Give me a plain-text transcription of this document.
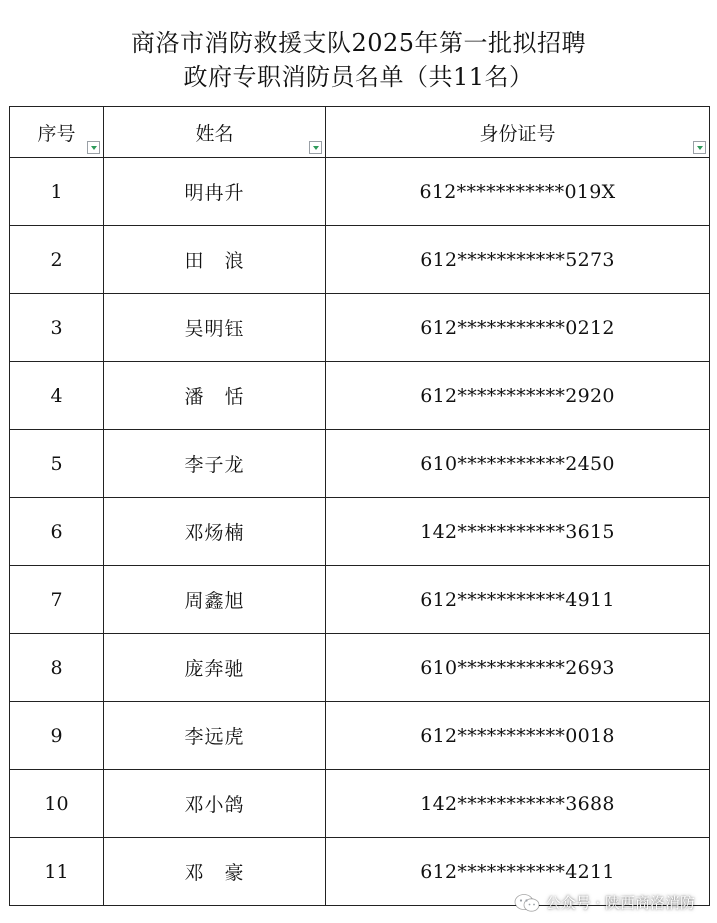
商洛市消防救援支队2025年第一批拟招聘
政府专职消防员名单（共11名）
序号	姓名	身份证号

1	明冉升	612***********019X
2	田　浪	612***********5273
3	吴明钰	612***********0212
4	潘　恬	612***********2920
5	李子龙	610***********2450
6	邓炀楠	142***********3615
7	周鑫旭	612***********4911
8	庞奔驰	610***********2693
9	李远虎	612***********0018
10	邓小鸽	142***********3688
11	邓　豪	612***********4211
公众号 · 陕西商洛消防
